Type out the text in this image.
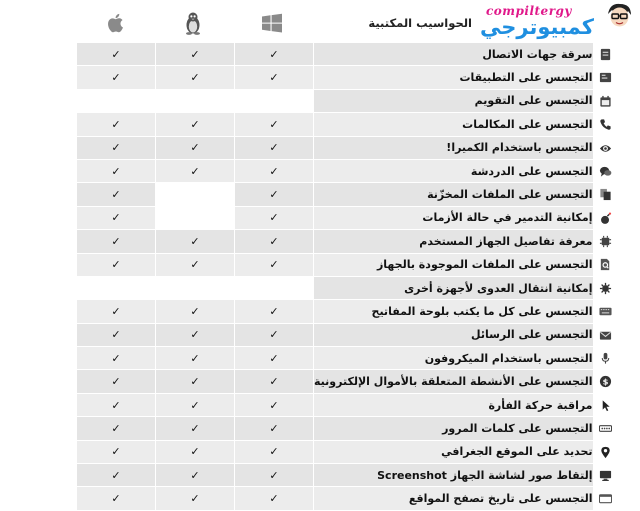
الحواسيب المكتبية
compiltergy
كمبيوترجي
✓	✓	✓	سرقة جهات الاتصال	
✓	✓	✓	التجسس على التطبيقات	
			التجسس على التقويم	
✓	✓	✓	التجسس على المكالمات	
✓	✓	✓	التجسس باستخدام الكميرا!	
✓	✓	✓	التجسس على الدردشة	
✓		✓	التجسس على الملفات المخزّنة	
✓		✓	إمكانية التدمير في حالة الأزمات	
✓	✓	✓	معرفة تفاصيل الجهاز المستخدم	
✓	✓	✓	التجسس على الملفات الموجودة بالجهاز	
			إمكانية انتقال العدوى لأجهزة أخرى	
✓	✓	✓	التجسس على كل ما يكتب بلوحة المفاتيح	
✓	✓	✓	التجسس على الرسائل	
✓	✓	✓	التجسس باستخدام الميكروفون	
✓	✓	✓	التجسس على الأنشطة المتعلقة بالأموال الإلكترونية	$

✓	✓	✓	مراقبة حركة الفأرة	
✓	✓	✓	التجسس على كلمات المرور	
✓	✓	✓	تحديد على الموقع الجغرافي	
✓	✓	✓	إلتقاط صور لشاشة الجهاز Screenshot	
✓	✓	✓	التجسس على تاريخ تصفح المواقع	
